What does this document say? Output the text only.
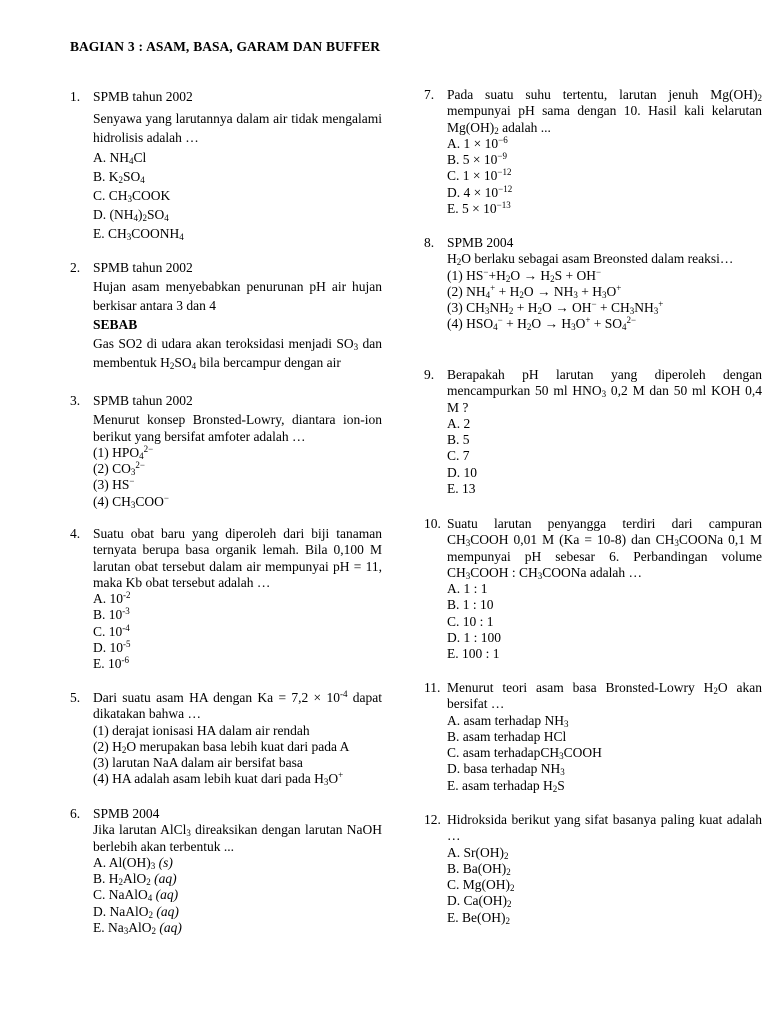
BAGIAN 3 : ASAM, BASA, GARAM DAN BUFFER
1. SPMB tahun 2002
Senyawa yang larutannya dalam air tidak mengalami hidrolisis adalah …
A. $NH_4Cl$
B. $K_2SO_4$
C. $CH_3COOK$
D. $(NH_4)_2SO_4$
E. $CH_3COONH_4$
2. SPMB tahun 2002
Hujan asam menyebabkan penurunan pH air hujan berkisar antara 3 dan 4
SEBAB
Gas SO2 di udara akan teroksidasi menjadi $SO_3$ dan membentuk $H_2SO_4$ bila bercampur dengan air
3. SPMB tahun 2002
Menurut konsep Bronsted-Lowry, diantara ion-ion berikut yang bersifat amfoter adalah …
(1) $HPO_4^{2-}$
(2) $CO_3^{2-}$
(3) HS−
(4) $CH_3COO^-$
4. Suatu obat baru yang diperoleh dari biji tanaman ternyata berupa basa organik lemah. Bila 0,100 M larutan obat tersebut dalam air mempunyai pH = 11, maka Kb obat tersebut adalah …
A. $10^{-2}$
B. $10^{-3}$
C. $10^{-4}$
D. $10^{-5}$
E. $10^{-6}$
5. Dari suatu asam HA dengan $Ka = 7,2 \times 10^{-4}$ dapat dikatakan bahwa …
(1) derajat ionisasi HA dalam air rendah
(2) $H_2O$ merupakan basa lebih kuat dari pada A
(3) larutan NaA dalam air bersifat basa
(4) HA adalah asam lebih kuat dari pada $H_3O^+$
6. SPMB 2004
Jika larutan AlCl$_3$ direaksikan dengan larutan NaOH berlebih akan terbentuk ...
A. $Al(OH)_3$ (s)
B. $H_2AlO_2$ (aq)
C. NaAlO$_4$ (aq)
D. NaAlO$_2$ (aq)
E. $Na_3AlO_2$ (aq)
7. Pada suatu suhu tertentu, larutan jenuh $Mg(OH)_2$ mempunyai pH sama dengan 10. Hasil kali kelarutan $Mg(OH)_2$ adalah ...
A. $1 \times 10^{-6}$
B. $5 \times 10^{-9}$
C. $1 \times 10^{-12}$
D. $4 \times 10^{-12}$
E. $5 \times 10^{-13}$
8. SPMB 2004
$H_2O$ berlaku sebagai asam Breonsted dalam reaksi…
(1) $HS^-+H_2O \to H_2S + OH^-$
(2) $NH_4^+ + H_2O \to NH_3 + H_3O^+$
(3) $CH_3NH_2 + H_2O \to OH^- + CH_3NH_3^+$
(4) $HSO_4^- + H_2O \to H_3O^+ + SO_4^{2-}$
9. Berapakah pH larutan yang diperoleh dengan mencampurkan 50 ml $HNO_3$ 0,2 M dan 50 ml KOH 0,4 M ?
A. 2
B. 5
C. 7
D. 10
E. 13
10. Suatu larutan penyangga terdiri dari campuran $CH_3COOH$ 0,01 M (Ka = 10-8) dan $CH_3COONa$ 0,1 M mempunyai pH sebesar 6. Perbandingan volume $CH_3COOH$ : $CH_3COONa$ adalah …
A. 1 : 1
B. 1 : 10
C. 10 : 1
D. 1 : 100
E. 100 : 1
11. Menurut teori asam basa Bronsted-Lowry $H_2O$ akan bersifat …
A. asam terhadap $NH_3$
B. asam terhadap HCl
C. asam terhadapCH$_3$COOH
D. basa terhadap $NH_3$
E. asam terhadap $H_2S$
12. Hidroksida berikut yang sifat basanya paling kuat adalah …
A. $Sr(OH)_2$
B. $Ba(OH)_2$
C. $Mg(OH)_2$
D. $Ca(OH)_2$
E. $Be(OH)_2$
